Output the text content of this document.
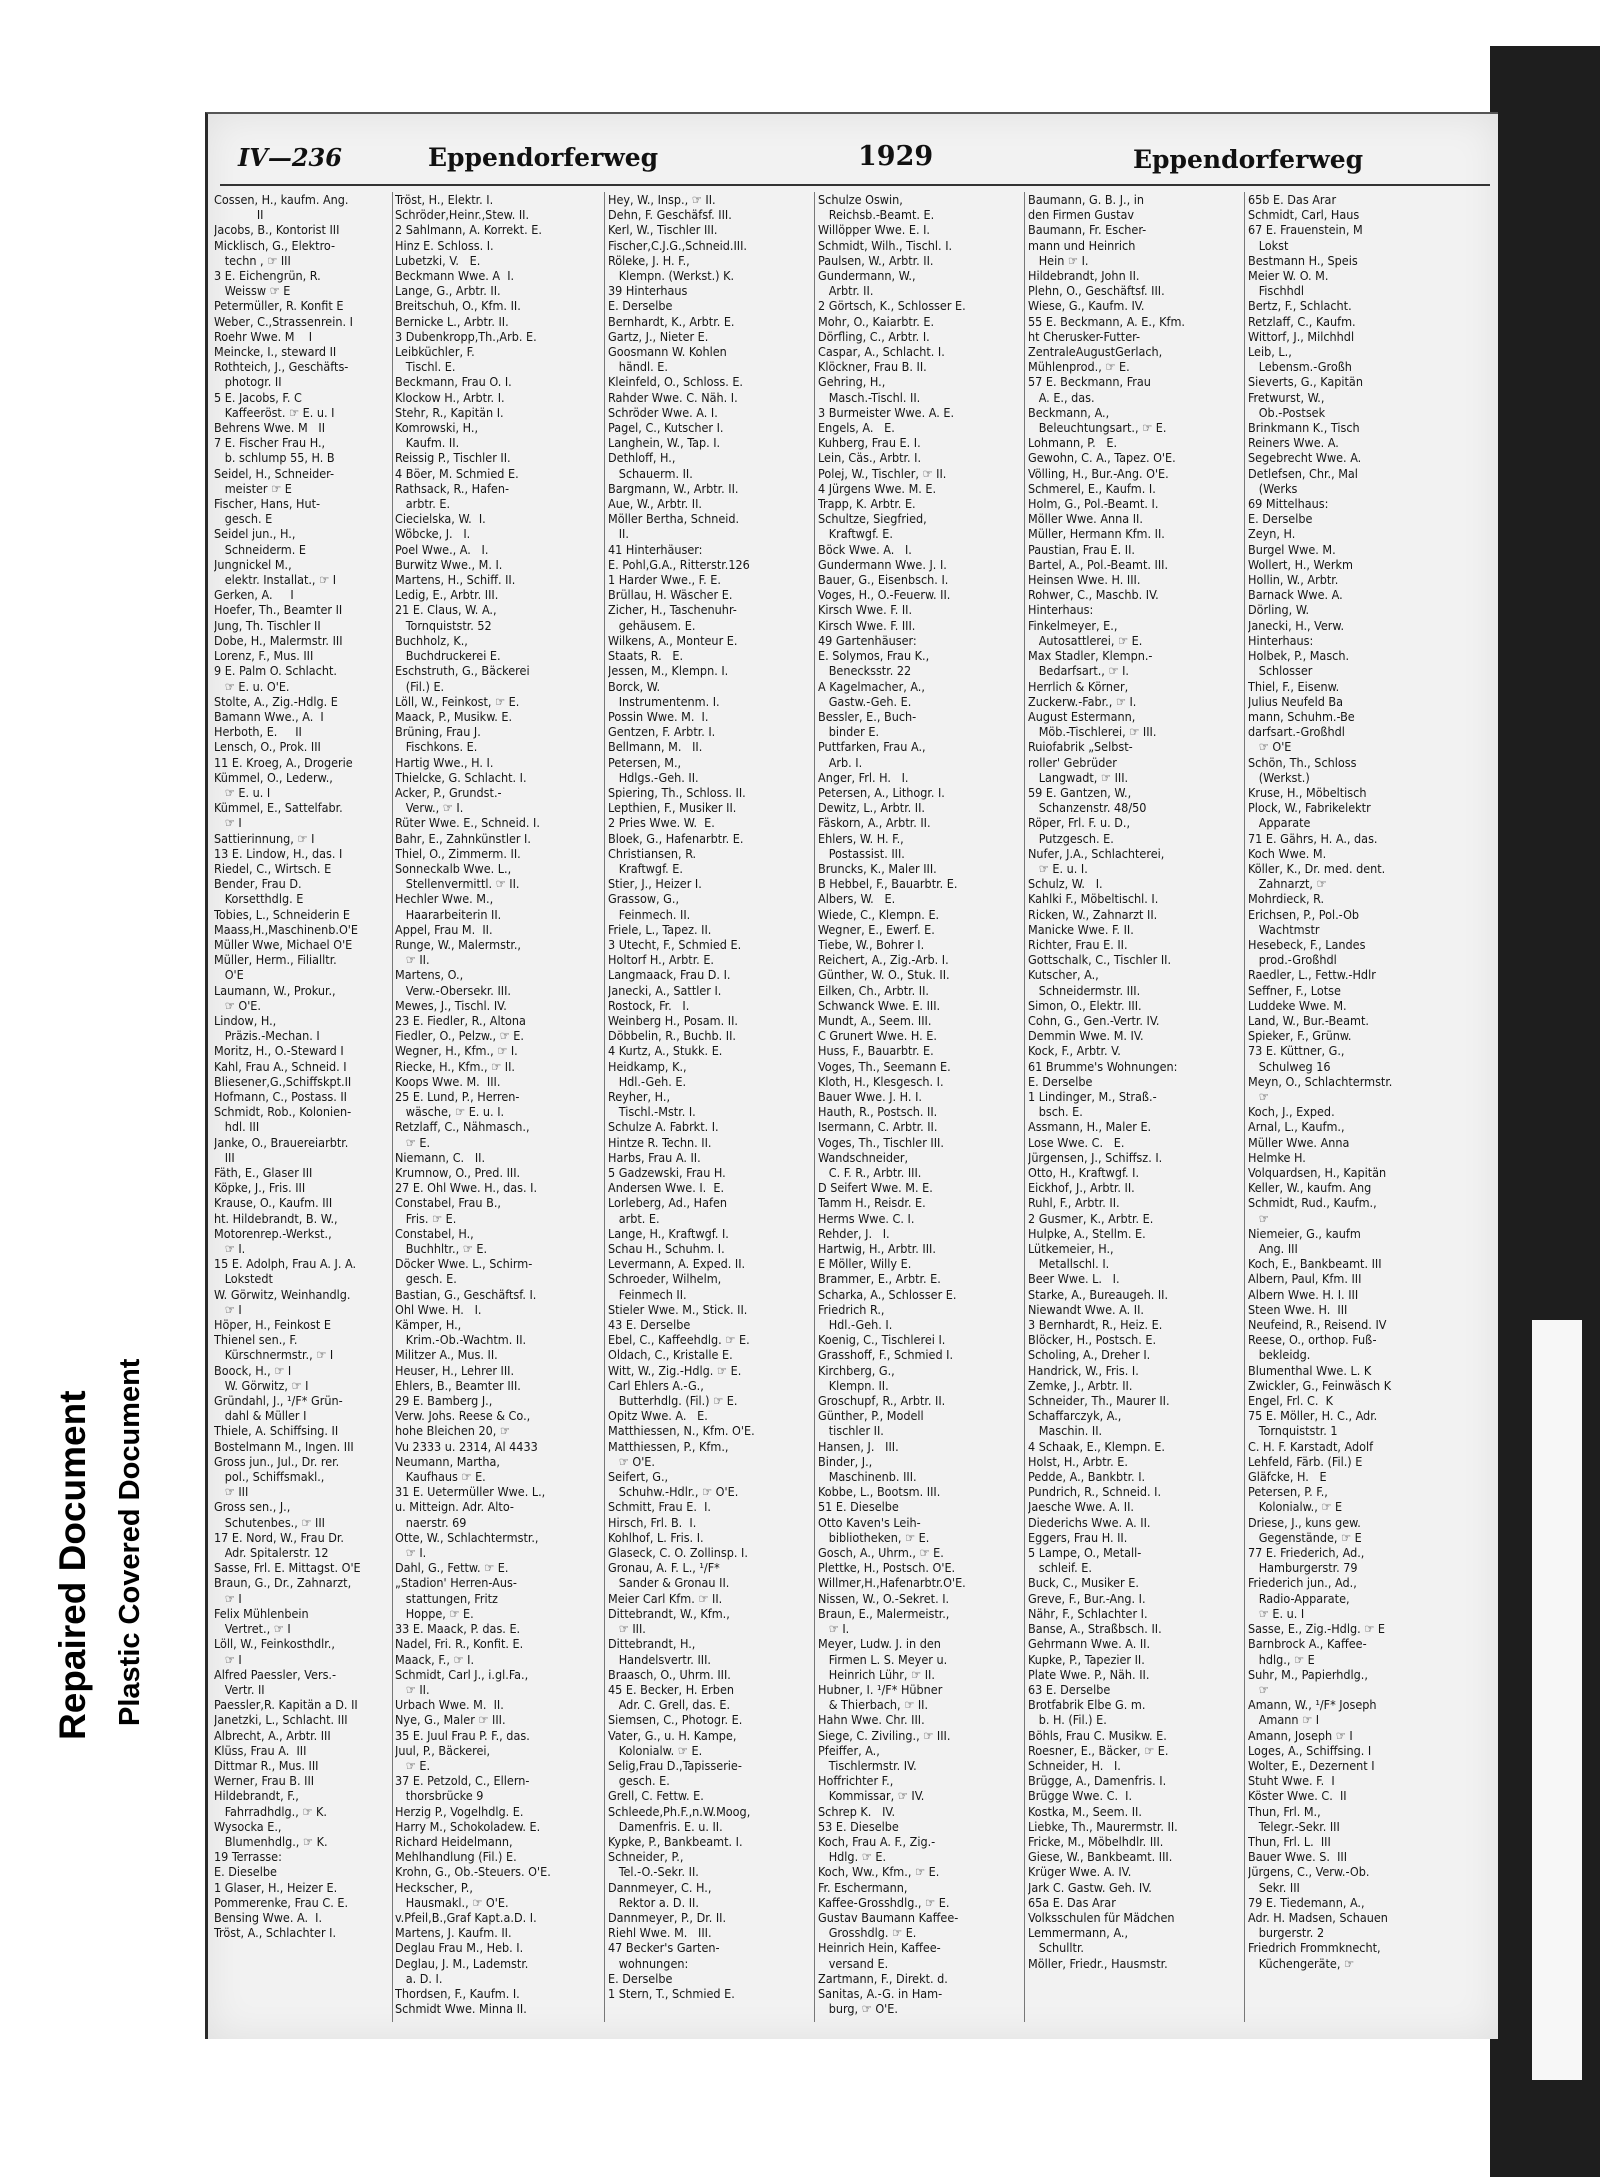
Repaired Document Plastic Covered Document
IV—236	Eppendorferweg	1929	Eppendorferweg
Cossen, H., kaufm. Ang.
II
Jacobs, B., Kontorist III
Micklisch, G., Elektro-
techn , ☞ III
3 E. Eichengrün, R.
Weissw ☞ E
Petermüller, R. Konfit E
Weber, C.,Strassenrein. I
Roehr Wwe. M    I
Meincke, I., steward II
Rothteich, J., Geschäfts-
photogr. II
5 E. Jacobs, F. C
Kaffeeröst. ☞ E. u. I
Behrens Wwe. M   II
7 E. Fischer Frau H.,
b. schlump 55, H. B
Seidel, H., Schneider-
meister ☞ E
Fischer, Hans, Hut-
gesch. E
Seidel jun., H.,
Schneiderm. E
Jungnickel M.,
elektr. Installat., ☞ I
Gerken, A.     I
Hoefer, Th., Beamter II
Jung, Th. Tischler II
Dobe, H., Malermstr. III
Lorenz, F., Mus. III
9 E. Palm O. Schlacht.
☞ E. u. O'E.
Stolte, A., Zig.-Hdlg. E
Bamann Wwe., A.  I
Herboth, E.     II
Lensch, O., Prok. III
11 E. Kroeg, A., Drogerie
Kümmel, O., Lederw.,
☞ E. u. I
Kümmel, E., Sattelfabr.
☞ I
Sattierinnung, ☞ I
13 E. Lindow, H., das. I
Riedel, C., Wirtsch. E
Bender, Frau D.
Korsetthdlg. E
Tobies, L., Schneiderin E
Maass,H.,Maschinenb.O'E
Müller Wwe, Michael O'E
Müller, Herm., Filialltr.
O'E
Laumann, W., Prokur.,
☞ O'E.
Lindow, H.,
Präzis.-Mechan. I
Moritz, H., O.-Steward I
Kahl, Frau A., Schneid. I
Bliesener,G.,Schiffskpt.II
Hofmann, C., Postass. II
Schmidt, Rob., Kolonien-
hdl. III
Janke, O., Brauereiarbtr.
III
Fäth, E., Glaser III
Köpke, J., Fris. III
Krause, O., Kaufm. III
ht. Hildebrandt, B. W.,
Motorenrep.-Werkst.,
☞ I.
15 E. Adolph, Frau A. J. A.
Lokstedt
W. Görwitz, Weinhandlg.
☞ I
Höper, H., Feinkost E
Thienel sen., F.
Kürschnermstr., ☞ I
Boock, H., ☞ I
W. Görwitz, ☞ I
Gründahl, J., ¹/F* Grün-
dahl & Müller I
Thiele, A. Schiffsing. II
Bostelmann M., Ingen. III
Gross jun., Jul., Dr. rer.
pol., Schiffsmakl.,
☞ III
Gross sen., J.,
Schutenbes., ☞ III
17 E. Nord, W., Frau Dr.
Adr. Spitalerstr. 12
Sasse, Frl. E. Mittagst. O'E
Braun, G., Dr., Zahnarzt,
☞ I
Felix Mühlenbein
Vertret., ☞ I
Löll, W., Feinkosthdlr.,
☞ I
Alfred Paessler, Vers.-
Vertr. II
Paessler,R. Kapitän a D. II
Janetzki, L., Schlacht. III
Albrecht, A., Arbtr. III
Klüss, Frau A.  III
Dittmar R., Mus. III
Werner, Frau B. III
Hildebrandt, F.,
Fahrradhdlg., ☞ K.
Wysocka E.,
Blumenhdlg., ☞ K.
19 Terrasse:
E. Dieselbe
1 Glaser, H., Heizer E.
Pommerenke, Frau C. E.
Bensing Wwe. A.  I.
Tröst, A., Schlachter I.
Tröst, H., Elektr. I.
Schröder,Heinr.,Stew. II.
2 Sahlmann, A. Korrekt. E.
Hinz E. Schloss. I.
Lubetzki, V.   E.
Beckmann Wwe. A  I.
Lange, G., Arbtr. II.
Breitschuh, O., Kfm. II.
Bernicke L., Arbtr. II.
3 Dubenkropp,Th.,Arb. E.
Leibküchler, F.
Tischl. E.
Beckmann, Frau O. I.
Klockow H., Arbtr. I.
Stehr, R., Kapitän I.
Komrowski, H.,
Kaufm. II.
Reissig P., Tischler II.
4 Böer, M. Schmied E.
Rathsack, R., Hafen-
arbtr. E.
Ciecielska, W.  I.
Wöbcke, J.   I.
Poel Wwe., A.   I.
Burwitz Wwe., M. I.
Martens, H., Schiff. II.
Ledig, E., Arbtr. III.
21 E. Claus, W. A.,
Tornquiststr. 52
Buchholz, K.,
Buchdruckerei E.
Eschstruth, G., Bäckerei
(Fil.) E.
Löll, W., Feinkost, ☞ E.
Maack, P., Musikw. E.
Brüning, Frau J.
Fischkons. E.
Hartig Wwe., H. I.
Thielcke, G. Schlacht. I.
Acker, P., Grundst.-
Verw., ☞ I.
Rüter Wwe. E., Schneid. I.
Bahr, E., Zahnkünstler I.
Thiel, O., Zimmerm. II.
Sonneckalb Wwe. L.,
Stellenvermittl. ☞ II.
Hechler Wwe. M.,
Haararbeiterin II.
Appel, Frau M.  II.
Runge, W., Malermstr.,
☞ II.
Martens, O.,
Verw.-Obersekr. III.
Mewes, J., Tischl. IV.
23 E. Fiedler, R., Altona
Fiedler, O., Pelzw., ☞ E.
Wegner, H., Kfm., ☞ I.
Riecke, H., Kfm., ☞ II.
Koops Wwe. M.  III.
25 E. Lund, P., Herren-
wäsche, ☞ E. u. I.
Retzlaff, C., Nähmasch.,
☞ E.
Niemann, C.   II.
Krumnow, O., Pred. III.
27 E. Ohl Wwe. H., das. I.
Constabel, Frau B.,
Fris. ☞ E.
Constabel, H.,
Buchhltr., ☞ E.
Döcker Wwe. L., Schirm-
gesch. E.
Bastian, G., Geschäftsf. I.
Ohl Wwe. H.   I.
Kämper, H.,
Krim.-Ob.-Wachtm. II.
Militzer A., Mus. II.
Heuser, H., Lehrer III.
Ehlers, B., Beamter III.
29 E. Bamberg J.,
Verw. Johs. Reese & Co.,
hohe Bleichen 20, ☞
Vu 2333 u. 2314, Al 4433
Neumann, Martha,
Kaufhaus ☞ E.
31 E. Uetermüller Wwe. L.,
u. Mitteign. Adr. Alto-
naerstr. 69
Otte, W., Schlachtermstr.,
☞ I.
Dahl, G., Fettw. ☞ E.
„Stadion' Herren-Aus-
stattungen, Fritz
Hoppe, ☞ E.
33 E. Maack, P. das. E.
Nadel, Fri. R., Konfit. E.
Maack, F., ☞ I.
Schmidt, Carl J., i.gl.Fa.,
☞ II.
Urbach Wwe. M.  II.
Nye, G., Maler ☞ III.
35 E. Juul Frau P. F., das.
Juul, P., Bäckerei,
☞ E.
37 E. Petzold, C., Ellern-
thorsbrücke 9
Herzig P., Vogelhdlg. E.
Harry M., Schokoladew. E.
Richard Heidelmann,
Mehlhandlung (Fil.) E.
Krohn, G., Ob.-Steuers. O'E.
Heckscher, P.,
Hausmakl., ☞ O'E.
v.Pfeil,B.,Graf Kapt.a.D. I.
Martens, J. Kaufm. II.
Deglau Frau M., Heb. I.
Deglau, J. M., Lademstr.
a. D. I.
Thordsen, F., Kaufm. I.
Schmidt Wwe. Minna II.
Hey, W., Insp., ☞ II.
Dehn, F. Geschäfsf. III.
Kerl, W., Tischler III.
Fischer,C.J.G.,Schneid.III.
Röleke, J. H. F.,
Klempn. (Werkst.) K.
39 Hinterhaus
E. Derselbe
Bernhardt, K., Arbtr. E.
Gartz, J., Nieter E.
Goosmann W. Kohlen
händl. E.
Kleinfeld, O., Schloss. E.
Rahder Wwe. C. Näh. I.
Schröder Wwe. A. I.
Pagel, C., Kutscher I.
Langhein, W., Tap. I.
Dethloff, H.,
Schauerm. II.
Bargmann, W., Arbtr. II.
Aue, W., Arbtr. II.
Möller Bertha, Schneid.
II.
41 Hinterhäuser:
E. Pohl,G.A., Ritterstr.126
1 Harder Wwe., F. E.
Brüllau, H. Wäscher E.
Zicher, H., Taschenuhr-
gehäusem. E.
Wilkens, A., Monteur E.
Staats, R.   E.
Jessen, M., Klempn. I.
Borck, W.
Instrumentenm. I.
Possin Wwe. M.  I.
Gentzen, F. Arbtr. I.
Bellmann, M.   II.
Petersen, M.,
Hdlgs.-Geh. II.
Spiering, Th., Schloss. II.
Lepthien, F., Musiker II.
2 Pries Wwe. W.  E.
Bloek, G., Hafenarbtr. E.
Christiansen, R.
Kraftwgf. E.
Stier, J., Heizer I.
Grassow, G.,
Feinmech. II.
Friele, L., Tapez. II.
3 Utecht, F., Schmied E.
Holtorf H., Arbtr. E.
Langmaack, Frau D. I.
Janecki, A., Sattler I.
Rostock, Fr.   I.
Weinberg H., Posam. II.
Döbbelin, R., Buchb. II.
4 Kurtz, A., Stukk. E.
Heidkamp, K.,
Hdl.-Geh. E.
Reyher, H.,
Tischl.-Mstr. I.
Schulze A. Fabrkt. I.
Hintze R. Techn. II.
Harbs, Frau A. II.
5 Gadzewski, Frau H.
Andersen Wwe. I.  E.
Lorleberg, Ad., Hafen
arbt. E.
Lange, H., Kraftwgf. I.
Schau H., Schuhm. I.
Levermann, A. Exped. II.
Schroeder, Wilhelm,
Feinmech II.
Stieler Wwe. M., Stick. II.
43 E. Derselbe
Ebel, C., Kaffeehdlg. ☞ E.
Oldach, C., Kristalle E.
Witt, W., Zig.-Hdlg. ☞ E.
Carl Ehlers A.-G.,
Butterhdlg. (Fil.) ☞ E.
Opitz Wwe. A.   E.
Matthiessen, N., Kfm. O'E.
Matthiessen, P., Kfm.,
☞ O'E.
Seifert, G.,
Schuhw.-Hdlr., ☞ O'E.
Schmitt, Frau E.  I.
Hirsch, Frl. B.  I.
Kohlhof, L. Fris. I.
Glaseck, C. O. Zollinsp. I.
Gronau, A. F. L., ¹/F*
Sander & Gronau II.
Meier Carl Kfm. ☞ II.
Dittebrandt, W., Kfm.,
☞ III.
Dittebrandt, H.,
Handelsvertr. III.
Braasch, O., Uhrm. III.
45 E. Becker, H. Erben
Adr. C. Grell, das. E.
Siemsen, C., Photogr. E.
Vater, G., u. H. Kampe,
Kolonialw. ☞ E.
Selig,Frau D.,Tapisserie-
gesch. E.
Grell, C. Fettw. E.
Schleede,Ph.F.,n.W.Moog,
Damenfris. E. u. II.
Kypke, P., Bankbeamt. I.
Schneider, P.,
Tel.-O.-Sekr. II.
Dannmeyer, C. H.,
Rektor a. D. II.
Dannmeyer, P., Dr. II.
Riehl Wwe. M.   III.
47 Becker's Garten-
wohnungen:
E. Derselbe
1 Stern, T., Schmied E.
Schulze Oswin,
Reichsb.-Beamt. E.
Willöpper Wwe. E. I.
Schmidt, Wilh., Tischl. I.
Paulsen, W., Arbtr. II.
Gundermann, W.,
Arbtr. II.
2 Görtsch, K., Schlosser E.
Mohr, O., Kaiarbtr. E.
Dörfling, C., Arbtr. I.
Caspar, A., Schlacht. I.
Klöckner, Frau B. II.
Gehring, H.,
Masch.-Tischl. II.
3 Burmeister Wwe. A. E.
Engels, A.   E.
Kuhberg, Frau E. I.
Lein, Cäs., Arbtr. I.
Polej, W., Tischler, ☞ II.
4 Jürgens Wwe. M. E.
Trapp, K. Arbtr. E.
Schultze, Siegfried,
Kraftwgf. E.
Böck Wwe. A.   I.
Gundermann Wwe. J. I.
Bauer, G., Eisenbsch. I.
Voges, H., O.-Feuerw. II.
Kirsch Wwe. F. II.
Kirsch Wwe. F. III.
49 Gartenhäuser:
E. Solymos, Frau K.,
Benecksstr. 22
A Kagelmacher, A.,
Gastw.-Geh. E.
Bessler, E., Buch-
binder E.
Puttfarken, Frau A.,
Arb. I.
Anger, Frl. H.   I.
Petersen, A., Lithogr. I.
Dewitz, L., Arbtr. II.
Fäskorn, A., Arbtr. II.
Ehlers, W. H. F.,
Postassist. III.
Bruncks, K., Maler III.
B Hebbel, F., Bauarbtr. E.
Albers, W.   E.
Wiede, C., Klempn. E.
Wegner, E., Ewerf. E.
Tiebe, W., Bohrer I.
Reichert, A., Zig.-Arb. I.
Günther, W. O., Stuk. II.
Eilken, Ch., Arbtr. II.
Schwanck Wwe. E. III.
Mundt, A., Seem. III.
C Grunert Wwe. H. E.
Huss, F., Bauarbtr. E.
Voges, Th., Seemann E.
Kloth, H., Klesgesch. I.
Bauer Wwe. J. H. I.
Hauth, R., Postsch. II.
Isermann, C. Arbtr. II.
Voges, Th., Tischler III.
Wandschneider,
C. F. R., Arbtr. III.
D Seifert Wwe. M. E.
Tamm H., Reisdr. E.
Herms Wwe. C. I.
Rehder, J.   I.
Hartwig, H., Arbtr. III.
E Möller, Willy E.
Brammer, E., Arbtr. E.
Scharka, A., Schlosser E.
Friedrich R.,
Hdl.-Geh. I.
Koenig, C., Tischlerei I.
Grasshoff, F., Schmied I.
Kirchberg, G.,
Klempn. II.
Groschupf, R., Arbtr. II.
Günther, P., Modell
tischler II.
Hansen, J.   III.
Binder, J.,
Maschinenb. III.
Kobbe, L., Bootsm. III.
51 E. Dieselbe
Otto Kaven's Leih-
bibliotheken, ☞ E.
Gosch, A., Uhrm., ☞ E.
Plettke, H., Postsch. O'E.
Willmer,H.,Hafenarbtr.O'E.
Nissen, W., O.-Sekret. I.
Braun, E., Malermeistr.,
☞ I.
Meyer, Ludw. J. in den
Firmen L. S. Meyer u.
Heinrich Lühr, ☞ II.
Hubner, I. ¹/F* Hübner
& Thierbach, ☞ II.
Hahn Wwe. Chr. III.
Siege, C. Ziviling., ☞ III.
Pfeiffer, A.,
Tischlermstr. IV.
Hoffrichter F.,
Kommissar, ☞ IV.
Schrep K.   IV.
53 E. Dieselbe
Koch, Frau A. F., Zig.-
Hdlg. ☞ E.
Koch, Ww., Kfm., ☞ E.
Fr. Eschermann,
Kaffee-Grosshdlg., ☞ E.
Gustav Baumann Kaffee-
Grosshdlg. ☞ E.
Heinrich Hein, Kaffee-
versand E.
Zartmann, F., Direkt. d.
Sanitas, A.-G. in Ham-
burg, ☞ O'E.
Baumann, G. B. J., in
den Firmen Gustav
Baumann, Fr. Escher-
mann und Heinrich
Hein ☞ I.
Hildebrandt, John II.
Plehn, O., Geschäftsf. III.
Wiese, G., Kaufm. IV.
55 E. Beckmann, A. E., Kfm.
ht Cherusker-Futter-
ZentraleAugustGerlach,
Mühlenprod., ☞ E.
57 E. Beckmann, Frau
A. E., das.
Beckmann, A.,
Beleuchtungsart., ☞ E.
Lohmann, P.   E.
Gewohn, C. A., Tapez. O'E.
Völling, H., Bur.-Ang. O'E.
Schmerel, E., Kaufm. I.
Holm, G., Pol.-Beamt. I.
Möller Wwe. Anna II.
Müller, Hermann Kfm. II.
Paustian, Frau E. II.
Bartel, A., Pol.-Beamt. III.
Heinsen Wwe. H. III.
Rohwer, C., Maschb. IV.
Hinterhaus:
Finkelmeyer, E.,
Autosattlerei, ☞ E.
Max Stadler, Klempn.-
Bedarfsart., ☞ I.
Herrlich & Körner,
Zuckerw.-Fabr., ☞ I.
August Estermann,
Möb.-Tischlerei, ☞ III.
Ruiofabrik „Selbst-
roller' Gebrüder
Langwadt, ☞ III.
59 E. Gantzen, W.,
Schanzenstr. 48/50
Röper, Frl. F. u. D.,
Putzgesch. E.
Nufer, J.A., Schlachterei,
☞ E. u. I.
Schulz, W.   I.
Kahlki F., Möbeltischl. I.
Ricken, W., Zahnarzt II.
Manicke Wwe. F. II.
Richter, Frau E. II.
Gottschalk, C., Tischler II.
Kutscher, A.,
Schneidermstr. III.
Simon, O., Elektr. III.
Cohn, G., Gen.-Vertr. IV.
Demmin Wwe. M. IV.
Kock, F., Arbtr. V.
61 Brumme's Wohnungen:
E. Derselbe
1 Lindinger, M., Straß.-
bsch. E.
Assmann, H., Maler E.
Lose Wwe. C.   E.
Jürgensen, J., Schiffsz. I.
Otto, H., Kraftwgf. I.
Eickhof, J., Arbtr. II.
Ruhl, F., Arbtr. II.
2 Gusmer, K., Arbtr. E.
Hulpke, A., Stellm. E.
Lütkemeier, H.,
Metallschl. I.
Beer Wwe. L.   I.
Starke, A., Bureaugeh. II.
Niewandt Wwe. A. II.
3 Bernhardt, R., Heiz. E.
Blöcker, H., Postsch. E.
Scholing, A., Dreher I.
Handrick, W., Fris. I.
Zemke, J., Arbtr. II.
Schneider, Th., Maurer II.
Schaffarczyk, A.,
Maschin. II.
4 Schaak, E., Klempn. E.
Holst, H., Arbtr. E.
Pedde, A., Bankbtr. I.
Pundrich, R., Schneid. I.
Jaesche Wwe. A. II.
Diederichs Wwe. A. II.
Eggers, Frau H. II.
5 Lampe, O., Metall-
schleif. E.
Buck, C., Musiker E.
Greve, F., Bur.-Ang. I.
Nähr, F., Schlachter I.
Banse, A., Straßbsch. II.
Gehrmann Wwe. A. II.
Kupke, P., Tapezier II.
Plate Wwe. P., Näh. II.
63 E. Derselbe
Brotfabrik Elbe G. m.
b. H. (Fil.) E.
Böhls, Frau C. Musikw. E.
Roesner, E., Bäcker, ☞ E.
Schneider, H.   I.
Brügge, A., Damenfris. I.
Brügge Wwe. C.  I.
Kostka, M., Seem. II.
Liebke, Th., Maurermstr. II.
Fricke, M., Möbelhdlr. III.
Giese, W., Bankbeamt. III.
Krüger Wwe. A. IV.
Jark C. Gastw. Geh. IV.
65a E. Das Arar
Volksschulen für Mädchen
Lemmermann, A.,
Schulltr.
Möller, Friedr., Hausmstr.
65b E. Das Arar
Schmidt, Carl, Haus
67 E. Frauenstein, M
Lokst
Bestmann H., Speis
Meier W. O. M.
Fischhdl
Bertz, F., Schlacht.
Retzlaff, C., Kaufm.
Wittorf, J., Milchhdl
Leib, L.,
Lebensm.-Großh
Sieverts, G., Kapitän
Fretwurst, W.,
Ob.-Postsek
Brinkmann K., Tisch
Reiners Wwe. A.
Segebrecht Wwe. A.
Detlefsen, Chr., Mal
(Werks
69 Mittelhaus:
E. Derselbe
Zeyn, H.
Burgel Wwe. M.
Wollert, H., Werkm
Hollin, W., Arbtr.
Barnack Wwe. A.
Dörling, W.
Janecki, H., Verw.
Hinterhaus:
Holbek, P., Masch.
Schlosser
Thiel, F., Eisenw.
Julius Neufeld Ba
mann, Schuhm.-Be
darfsart.-Großhdl
☞ O'E
Schön, Th., Schloss
(Werkst.)
Kruse, H., Möbeltisch
Plock, W., Fabrikelektr
Apparate
71 E. Gährs, H. A., das.
Koch Wwe. M.
Köller, K., Dr. med. dent.
Zahnarzt, ☞
Mohrdieck, R.
Erichsen, P., Pol.-Ob
Wachtmstr
Hesebeck, F., Landes
prod.-Großhdl
Raedler, L., Fettw.-Hdlr
Seffner, F., Lotse
Luddeke Wwe. M.
Land, W., Bur.-Beamt.
Spieker, F., Grünw.
73 E. Küttner, G.,
Schulweg 16
Meyn, O., Schlachtermstr.
☞
Koch, J., Exped.
Arnal, L., Kaufm.,
Müller Wwe. Anna
Helmke H.
Volquardsen, H., Kapitän
Keller, W., kaufm. Ang
Schmidt, Rud., Kaufm.,
☞
Niemeier, G., kaufm
Ang. III
Koch, E., Bankbeamt. III
Albern, Paul, Kfm. III
Albern Wwe. H. I. III
Steen Wwe. H.  III
Neufeind, R., Reisend. IV
Reese, O., orthop. Fuß-
bekleidg.
Blumenthal Wwe. L. K
Zwickler, G., Feinwäsch K
Engel, Frl. C.  K
75 E. Möller, H. C., Adr.
Tornquiststr. 1
C. H. F. Karstadt, Adolf
Lehfeld, Färb. (Fil.) E
Gläfcke, H.   E
Petersen, P. F.,
Kolonialw., ☞ E
Driese, J., kuns gew.
Gegenstände, ☞ E
77 E. Friederich, Ad.,
Hamburgerstr. 79
Friederich jun., Ad.,
Radio-Apparate,
☞ E. u. I
Sasse, E., Zig.-Hdlg. ☞ E
Barnbrock A., Kaffee-
hdlg., ☞ E
Suhr, M., Papierhdlg.,
☞
Amann, W., ¹/F* Joseph
Amann ☞ I
Amann, Joseph ☞ I
Loges, A., Schiffsing. I
Wolter, E., Dezernent I
Stuht Wwe. F.  I
Köster Wwe. C.  II
Thun, Frl. M.,
Telegr.-Sekr. III
Thun, Frl. L.  III
Bauer Wwe. S.  III
Jürgens, C., Verw.-Ob.
Sekr. III
79 E. Tiedemann, A.,
Adr. H. Madsen, Schauen
burgerstr. 2
Friedrich Frommknecht,
Küchengeräte, ☞
